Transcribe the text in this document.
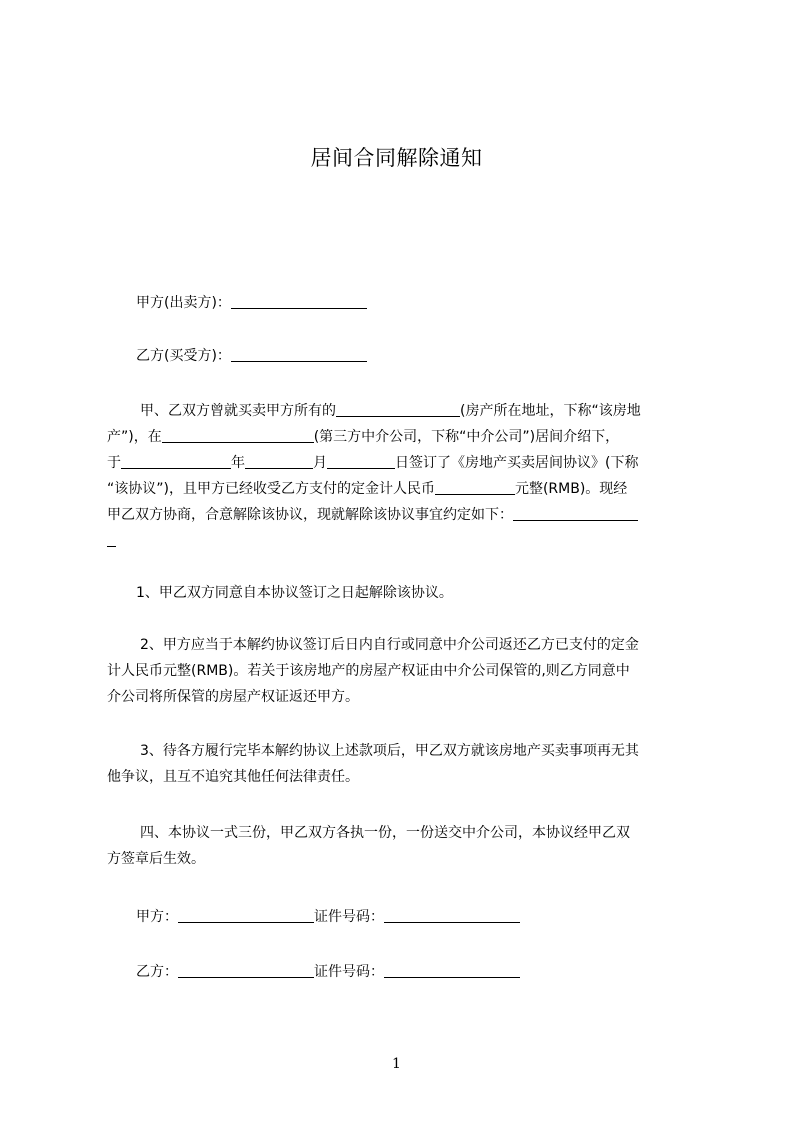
居间合同解除通知
甲方(出卖方)：
乙方(买受方)：
甲、乙双方曾就买卖甲方所有的	(房产所在地址，下称“该房地
产”)，在	(第三方中介公司，下称“中介公司”)居间介绍下，
于	年	月	日签订了《房地产买卖居间协议》(下称
“该协议”)，且甲方已经收受乙方支付的定金计人民币	元整(RMB)。现经
甲乙双方协商，合意解除该协议，现就解除该协议事宜约定如下：
1、甲乙双方同意自本协议签订之日起解除该协议。
2、甲方应当于本解约协议签订后日内自行或同意中介公司返还乙方已支付的定金
计人民币元整(RMB)。若关于该房地产的房屋产权证由中介公司保管的,则乙方同意中
介公司将所保管的房屋产权证返还甲方。
3、待各方履行完毕本解约协议上述款项后，甲乙双方就该房地产买卖事项再无其
他争议，且互不追究其他任何法律责任。
四、本协议一式三份，甲乙双方各执一份，一份送交中介公司，本协议经甲乙双
方签章后生效。
甲方：	证件号码：
乙方：	证件号码：
1
